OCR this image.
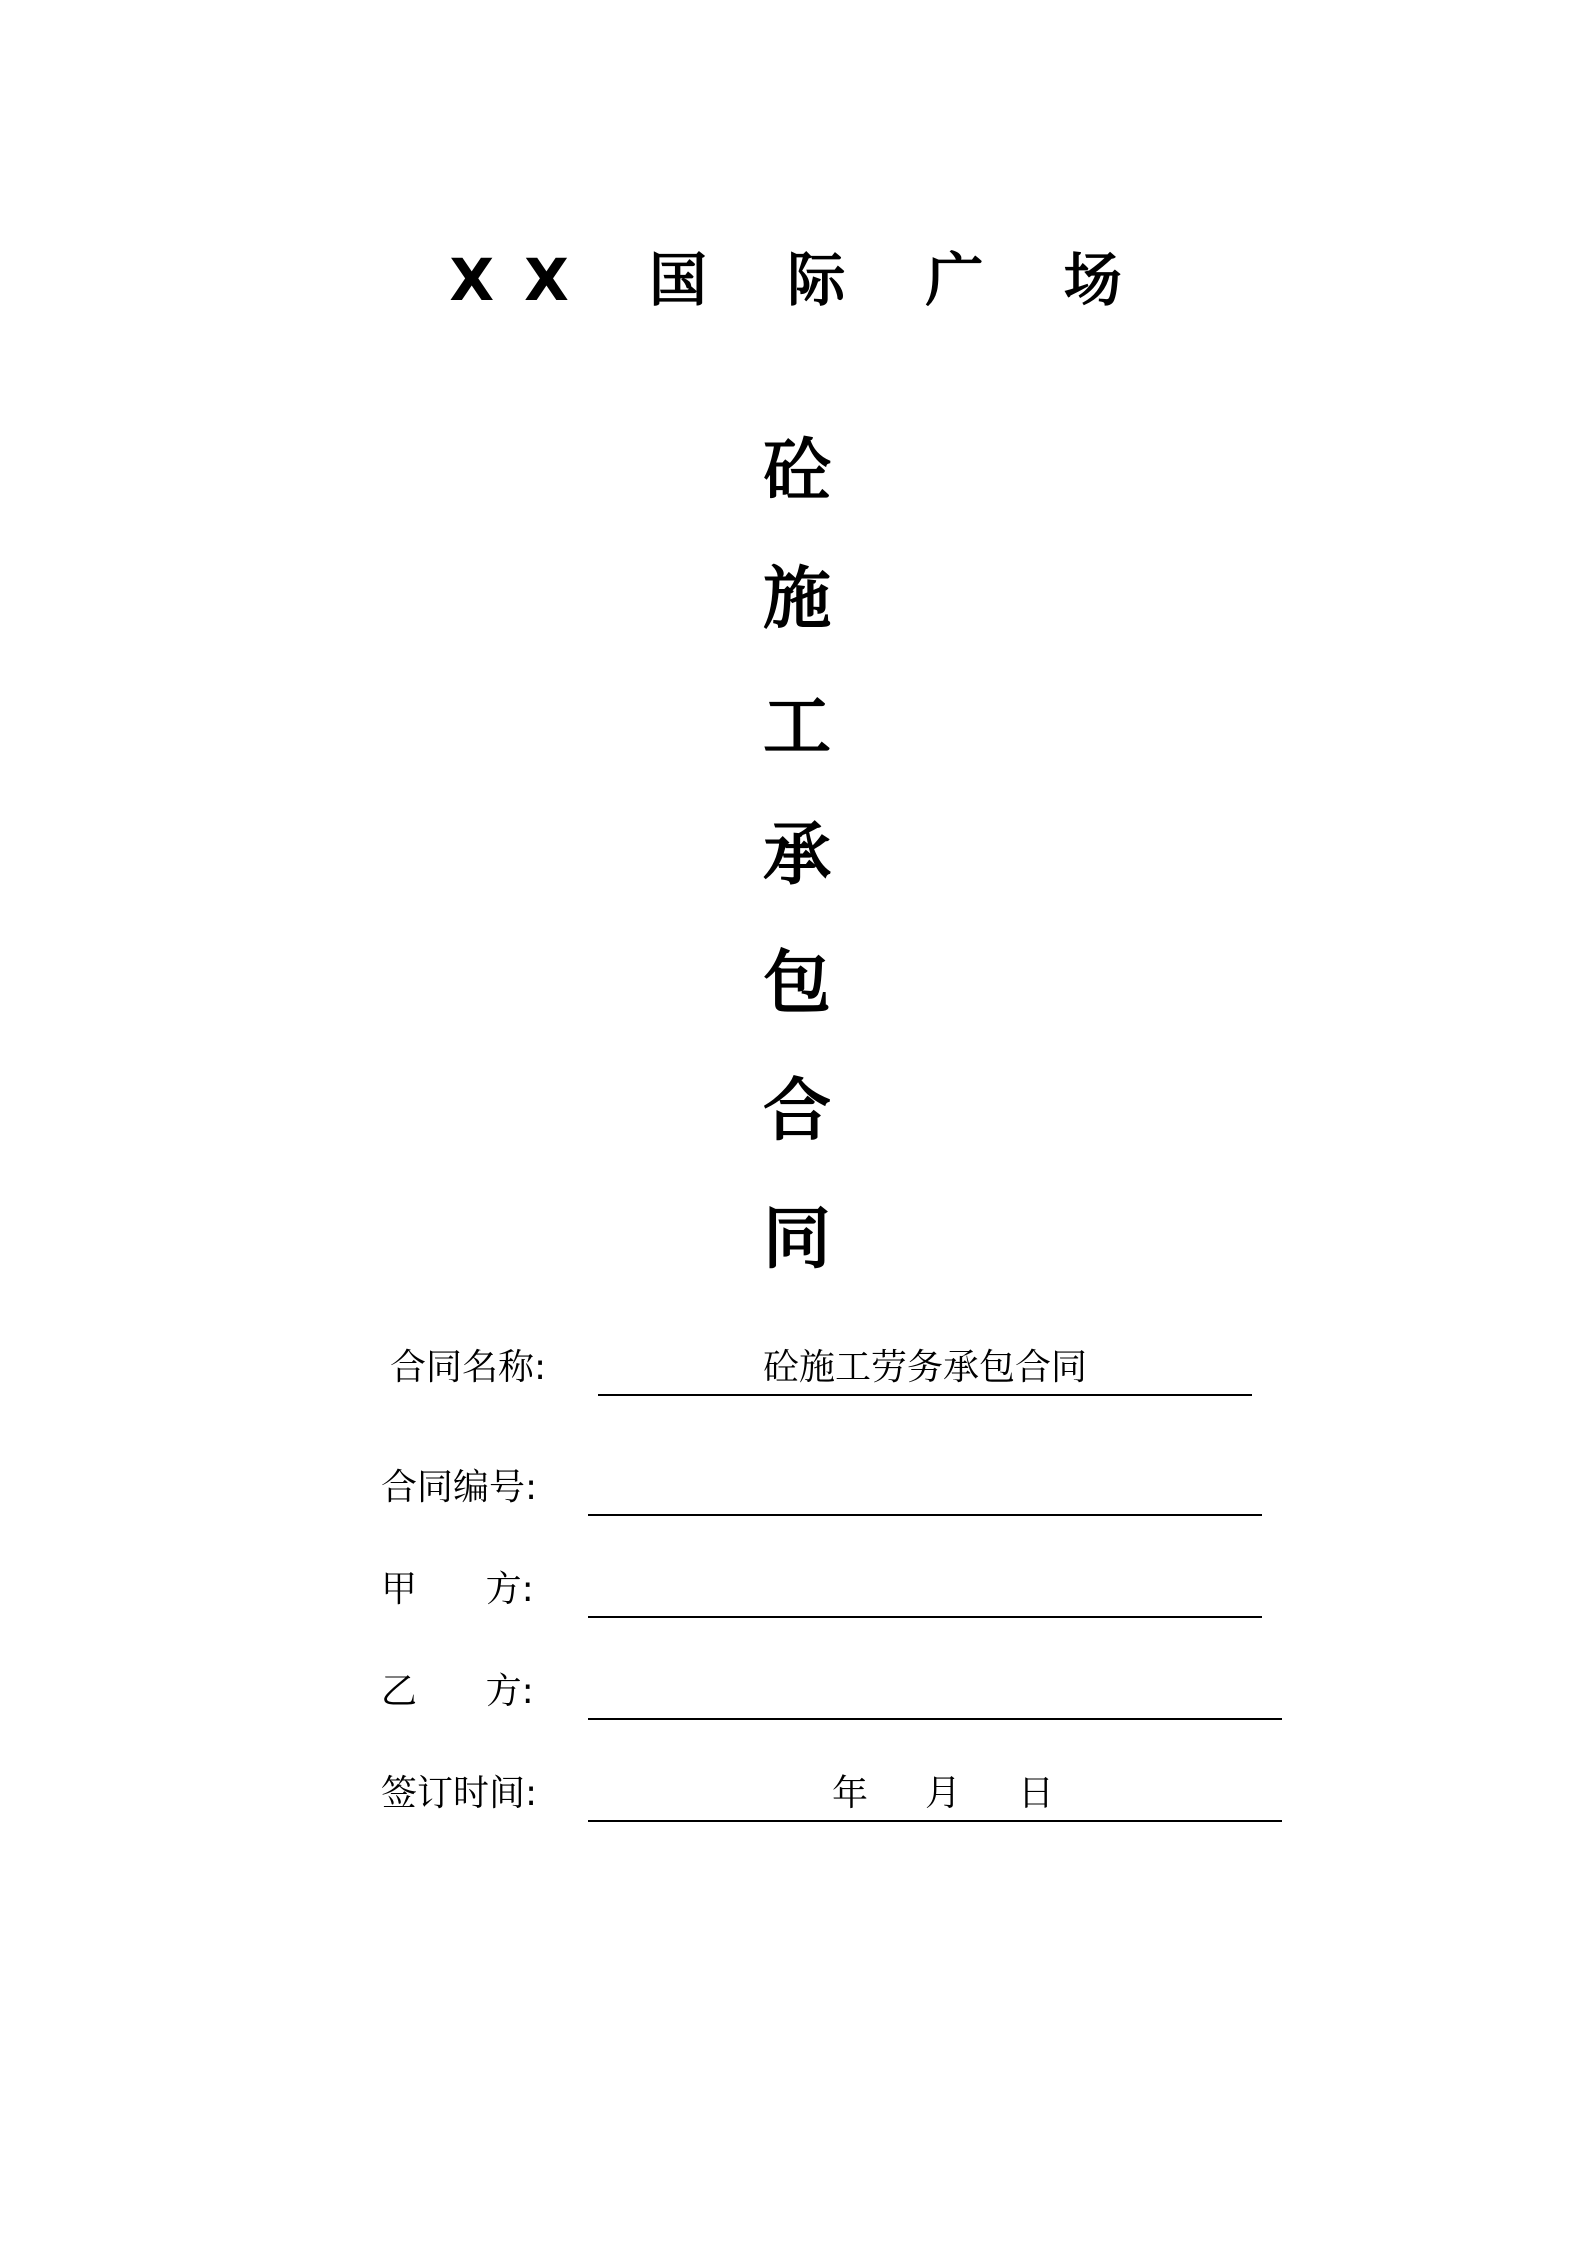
XX 国 际 广 场
砼
施
工
承
包
合
同
合同名称:	砼施工劳务承包合同
合同编号:
甲      方:
乙      方:
签订时间:	年 月 日
